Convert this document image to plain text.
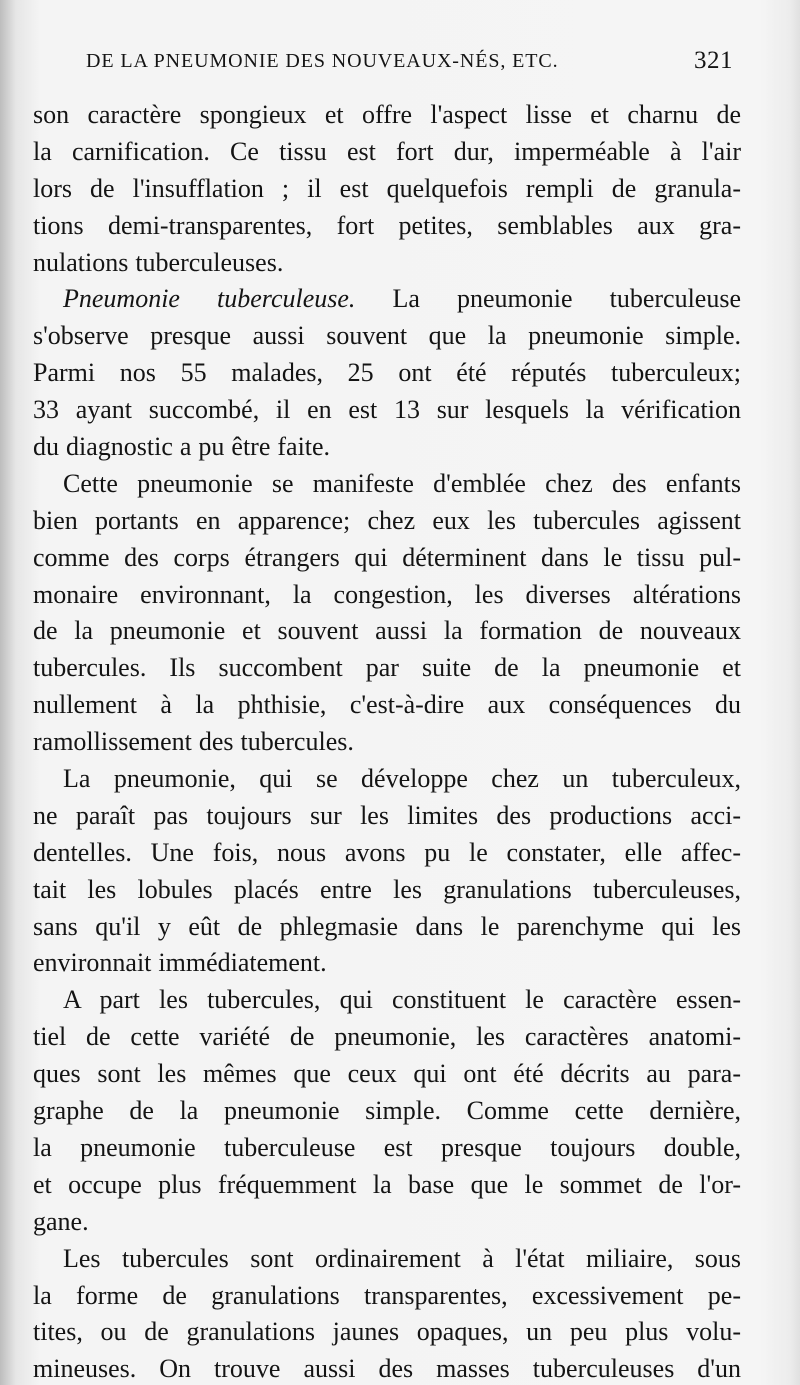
DE LA PNEUMONIE DES NOUVEAUX-NÉS, ETC.	321
son caractère spongieux et offre l'aspect lisse et charnu de
la carnification. Ce tissu est fort dur, imperméable à l'air
lors de l'insufflation ; il est quelquefois rempli de granula-
tions demi-transparentes, fort petites, semblables aux gra-
nulations tuberculeuses.
Pneumonie tuberculeuse. La pneumonie tuberculeuse
s'observe presque aussi souvent que la pneumonie simple.
Parmi nos 55 malades, 25 ont été réputés tuberculeux;
33 ayant succombé, il en est 13 sur lesquels la vérification
du diagnostic a pu être faite.
Cette pneumonie se manifeste d'emblée chez des enfants
bien portants en apparence; chez eux les tubercules agissent
comme des corps étrangers qui déterminent dans le tissu pul-
monaire environnant, la congestion, les diverses altérations
de la pneumonie et souvent aussi la formation de nouveaux
tubercules. Ils succombent par suite de la pneumonie et
nullement à la phthisie, c'est-à-dire aux conséquences du
ramollissement des tubercules.
La pneumonie, qui se développe chez un tuberculeux,
ne paraît pas toujours sur les limites des productions acci-
dentelles. Une fois, nous avons pu le constater, elle affec-
tait les lobules placés entre les granulations tuberculeuses,
sans qu'il y eût de phlegmasie dans le parenchyme qui les
environnait immédiatement.
A part les tubercules, qui constituent le caractère essen-
tiel de cette variété de pneumonie, les caractères anatomi-
ques sont les mêmes que ceux qui ont été décrits au para-
graphe de la pneumonie simple. Comme cette dernière,
la pneumonie tuberculeuse est presque toujours double,
et occupe plus fréquemment la base que le sommet de l'or-
gane.
Les tubercules sont ordinairement à l'état miliaire, sous
la forme de granulations transparentes, excessivement pe-
tites, ou de granulations jaunes opaques, un peu plus volu-
mineuses. On trouve aussi des masses tuberculeuses d'un
